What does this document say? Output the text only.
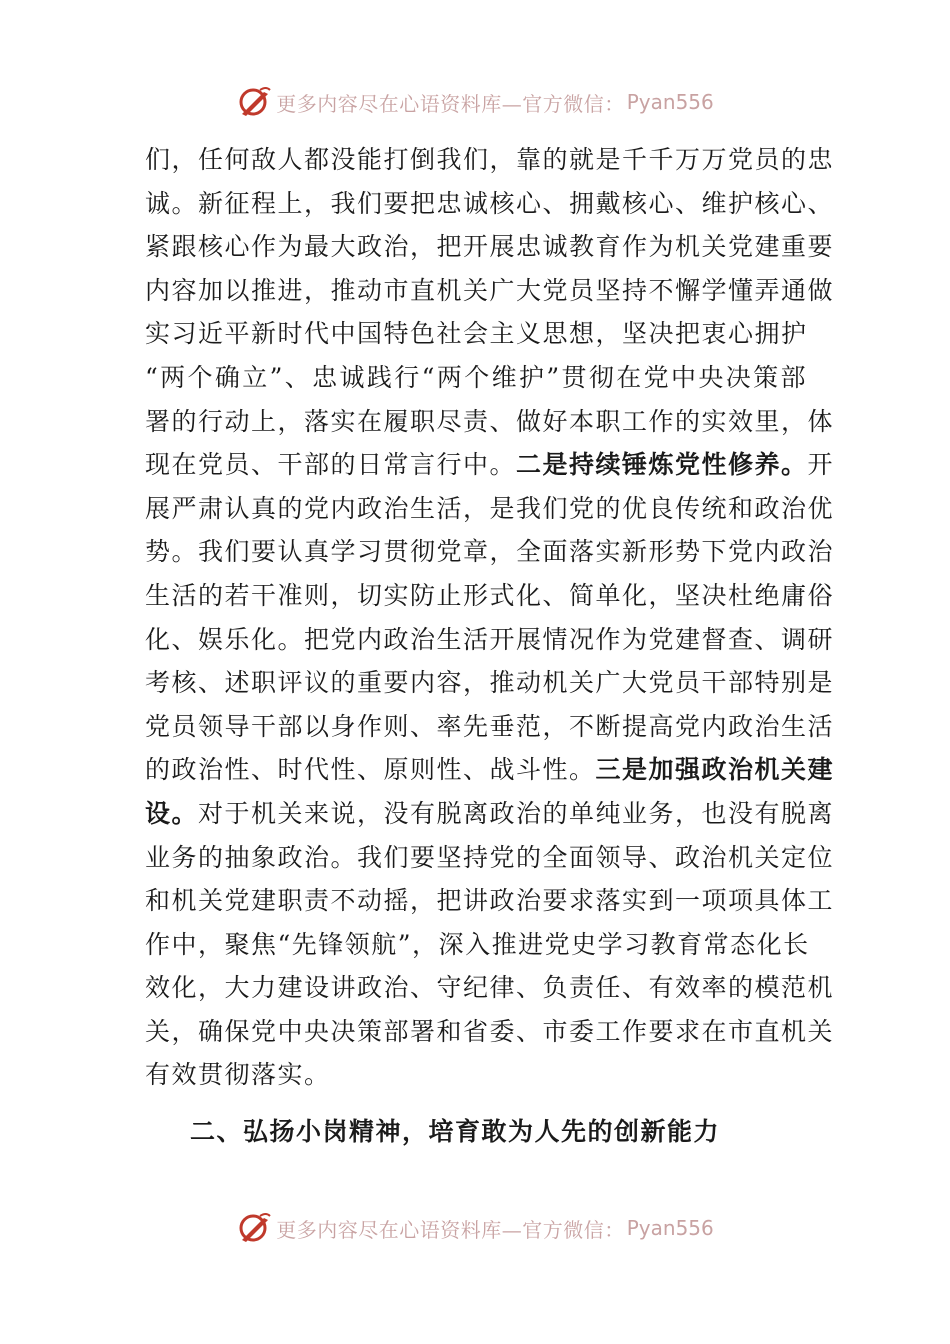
更多内容尽在心语资料库—官方微信： Pyan556
们，任何敌人都没能打倒我们，靠的就是千千万万党员的忠
诚。新征程上，我们要把忠诚核心、拥戴核心、维护核心、
紧跟核心作为最大政治，把开展忠诚教育作为机关党建重要
内容加以推进，推动市直机关广大党员坚持不懈学懂弄通做
实习近平新时代中国特色社会主义思想，坚决把衷心拥护
“两个确立”、忠诚践行“两个维护”贯彻在党中央决策部
署的行动上，落实在履职尽责、做好本职工作的实效里，体
现在党员、干部的日常言行中。二是持续锤炼党性修养。开
展严肃认真的党内政治生活，是我们党的优良传统和政治优
势。我们要认真学习贯彻党章，全面落实新形势下党内政治
生活的若干准则，切实防止形式化、简单化，坚决杜绝庸俗
化、娱乐化。把党内政治生活开展情况作为党建督查、调研
考核、述职评议的重要内容，推动机关广大党员干部特别是
党员领导干部以身作则、率先垂范，不断提高党内政治生活
的政治性、时代性、原则性、战斗性。三是加强政治机关建
设。对于机关来说，没有脱离政治的单纯业务，也没有脱离
业务的抽象政治。我们要坚持党的全面领导、政治机关定位
和机关党建职责不动摇，把讲政治要求落实到一项项具体工
作中，聚焦“先锋领航”，深入推进党史学习教育常态化长
效化，大力建设讲政治、守纪律、负责任、有效率的模范机
关，确保党中央决策部署和省委、市委工作要求在市直机关
有效贯彻落实。
二、弘扬小岗精神，培育敢为人先的创新能力
更多内容尽在心语资料库—官方微信： Pyan556
